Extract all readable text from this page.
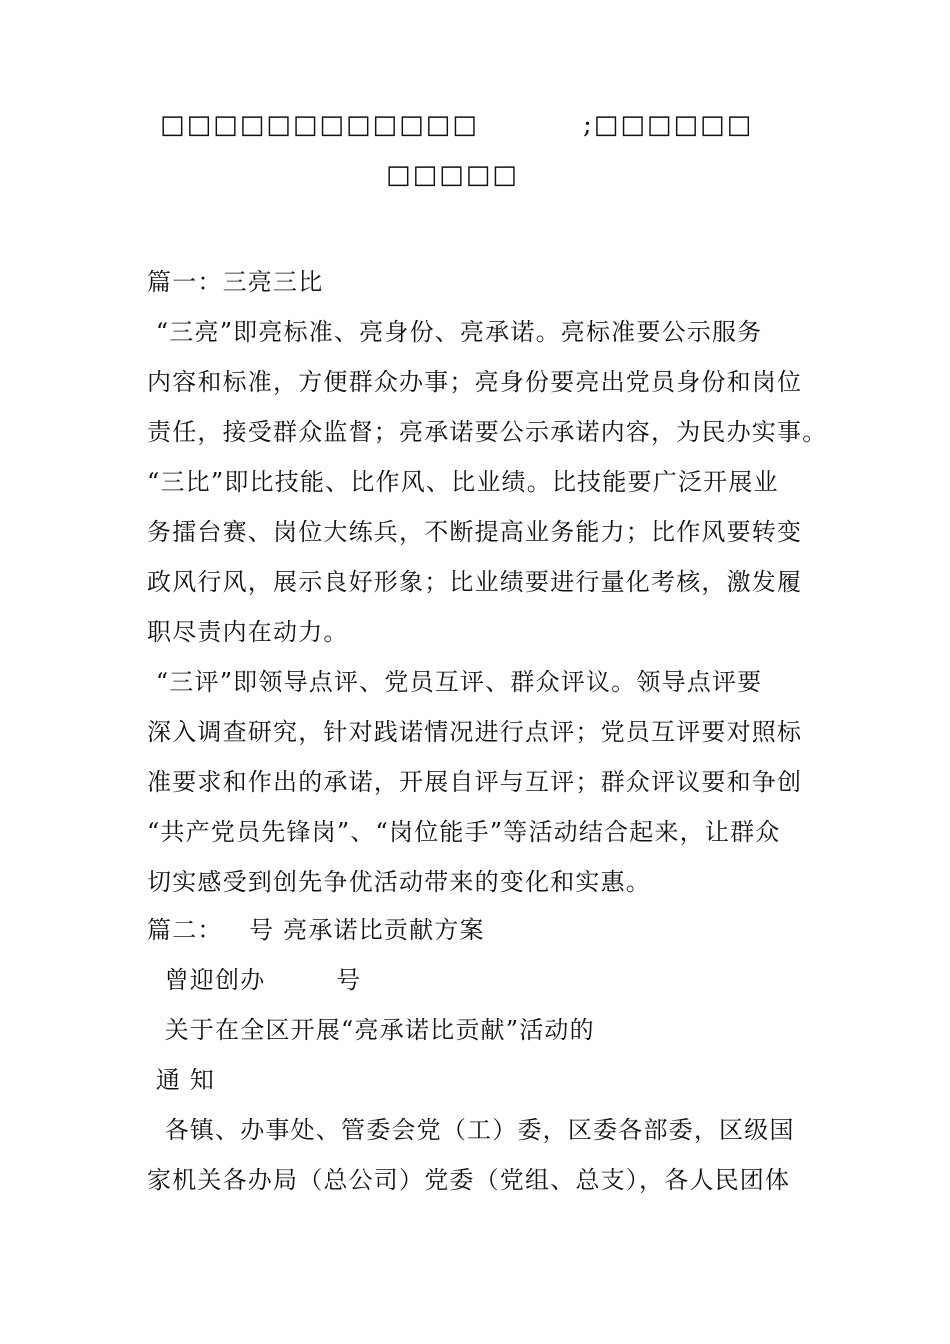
□□□□□□□□□□□□	;□□□□□□
□□□□□
篇一：三亮三比
“三亮”即亮标准、亮身份、亮承诺。亮标准要公示服务
内容和标准，方便群众办事；亮身份要亮出党员身份和岗位
责任，接受群众监督；亮承诺要公示承诺内容，为民办实事。
“三比”即比技能、比作风、比业绩。比技能要广泛开展业
务擂台赛、岗位大练兵，不断提高业务能力；比作风要转变
政风行风，展示良好形象；比业绩要进行量化考核，激发履
职尽责内在动力。
“三评”即领导点评、党员互评、群众评议。领导点评要
深入调查研究，针对践诺情况进行点评；党员互评要对照标
准要求和作出的承诺，开展自评与互评；群众评议要和争创
“共产党员先锋岗”、“岗位能手”等活动结合起来，让群众
切实感受到创先争优活动带来的变化和实惠。
篇二：   号 亮承诺比贡献方案
曾迎创办        号
关于在全区开展“亮承诺比贡献”活动的
通 知
各镇、办事处、管委会党（工）委，区委各部委，区级国
家机关各办局（总公司）党委（党组、总支），各人民团体
